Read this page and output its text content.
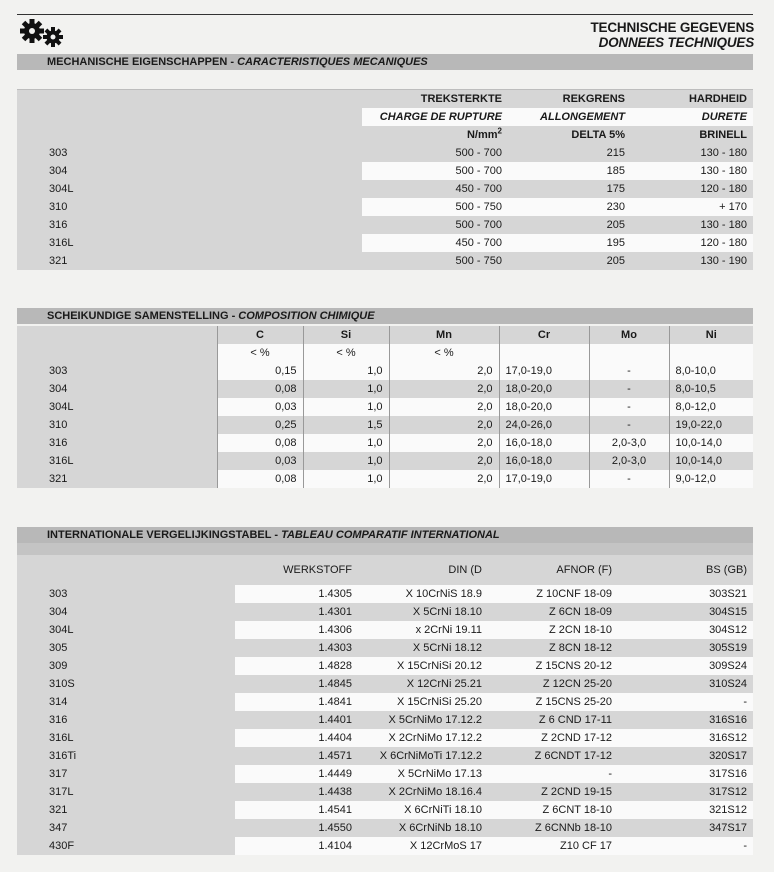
TECHNISCHE GEGEVENS
DONNEES TECHNIQUES
MECHANISCHE EIGENSCHAPPEN - CARACTERISTIQUES MECANIQUES
	TREKSTERKTE	REKGRENS	HARDHEID
	CHARGE DE RUPTURE	ALLONGEMENT	DURETE
	$N/mm^2$	DELTA 5%	BRINELL
303	500 - 700	215	130 - 180
304	500 - 700	185	130 - 180
304L	450 - 700	175	120 - 180
310	500 - 750	230	+ 170
316	500 - 700	205	130 - 180
316L	450 - 700	195	120 - 180
321	500 - 750	205	130 - 190
SCHEIKUNDIGE SAMENSTELLING - COMPOSITION CHIMIQUE
	C	Si	Mn	Cr	Mo	Ni
	< %	< %	< %			
303	0,15	1,0	2,0	17,0-19,0	-	8,0-10,0
304	0,08	1,0	2,0	18,0-20,0	-	8,0-10,5
304L	0,03	1,0	2,0	18,0-20,0	-	8,0-12,0
310	0,25	1,5	2,0	24,0-26,0	-	19,0-22,0
316	0,08	1,0	2,0	16,0-18,0	2,0-3,0	10,0-14,0
316L	0,03	1,0	2,0	16,0-18,0	2,0-3,0	10,0-14,0
321	0,08	1,0	2,0	17,0-19,0	-	9,0-12,0
INTERNATIONALE VERGELIJKINGSTABEL - TABLEAU COMPARATIF INTERNATIONAL
	WERKSTOFF	DIN (D	AFNOR (F)	BS (GB)
303	1.4305	X 10CrNiS 18.9	Z 10CNF 18-09	303S21
304	1.4301	X 5CrNi 18.10	Z 6CN 18-09	304S15
304L	1.4306	x 2CrNi 19.11	Z 2CN 18-10	304S12
305	1.4303	X 5CrNi 18.12	Z 8CN 18-12	305S19
309	1.4828	X 15CrNiSi 20.12	Z 15CNS 20-12	309S24
310S	1.4845	X 12CrNi 25.21	Z 12CN 25-20	310S24
314	1.4841	X 15CrNiSi 25.20	Z 15CNS 25-20	-
316	1.4401	X 5CrNiMo 17.12.2	Z 6 CND 17-11	316S16
316L	1.4404	X 2CrNiMo 17.12.2	Z 2CND 17-12	316S12
316Ti	1.4571	X 6CrNiMoTi 17.12.2	Z 6CNDT 17-12	320S17
317	1.4449	X 5CrNiMo 17.13	-	317S16
317L	1.4438	X 2CrNiMo 18.16.4	Z 2CND 19-15	317S12
321	1.4541	X 6CrNiTi 18.10	Z 6CNT 18-10	321S12
347	1.4550	X 6CrNiNb 18.10	Z 6CNNb 18-10	347S17
430F	1.4104	X 12CrMoS 17	Z10 CF 17	-
